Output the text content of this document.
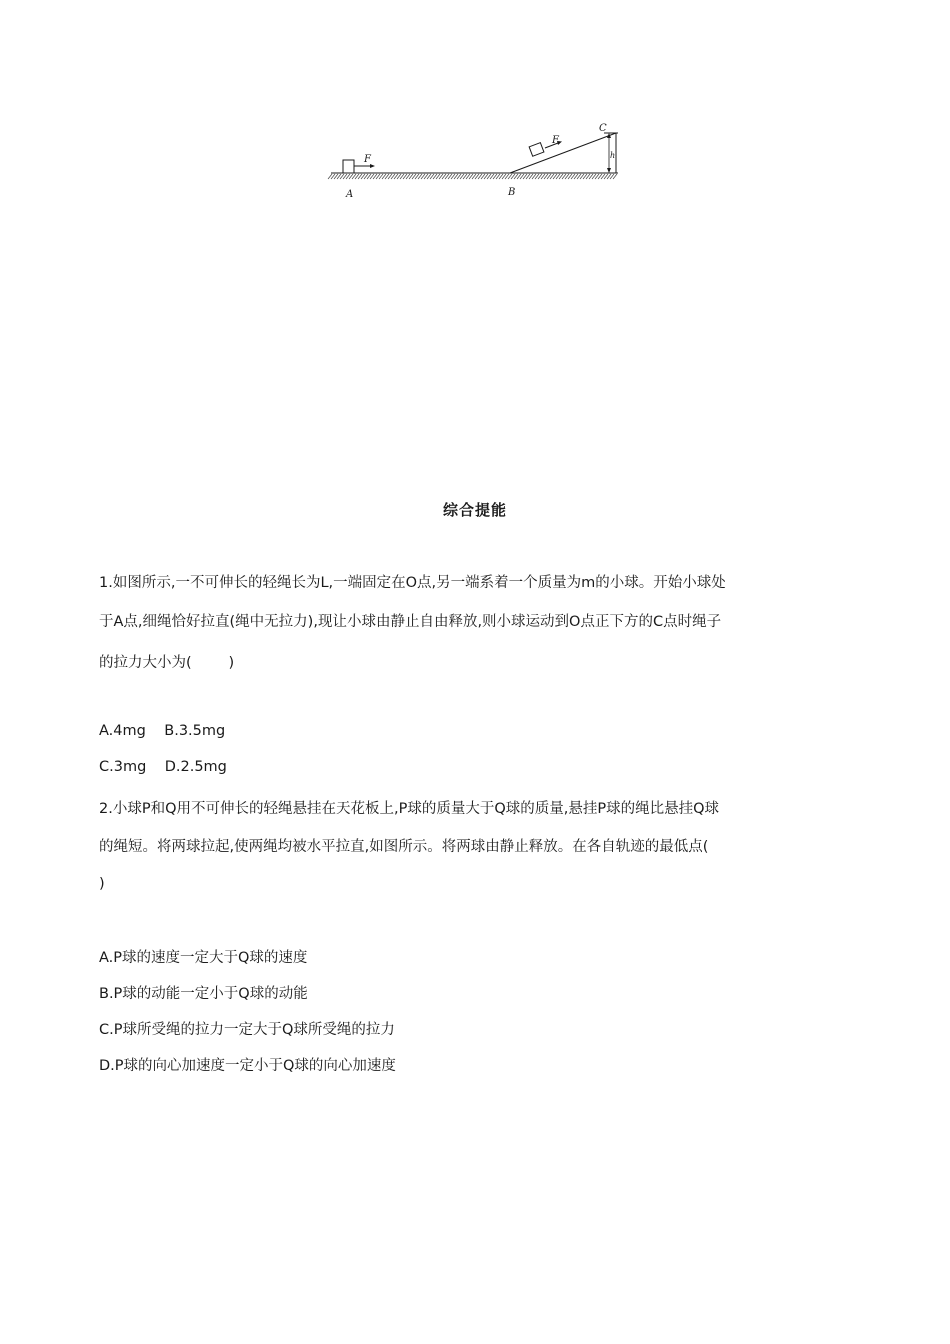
A	B
C
F
F
h
综合提能
1.如图所示,一不可伸长的轻绳长为L,一端固定在O点,另一端系着一个质量为m的小球。开始小球处
于A点,细绳恰好拉直(绳中无拉力),现让小球由静止自由释放,则小球运动到O点正下方的C点时绳子
的拉力大小为(        )
A.4mg    B.3.5mg
C.3mg    D.2.5mg
2.小球P和Q用不可伸长的轻绳悬挂在天花板上,P球的质量大于Q球的质量,悬挂P球的绳比悬挂Q球
的绳短。将两球拉起,使两绳均被水平拉直,如图所示。将两球由静止释放。在各自轨迹的最低点(
)
A.P球的速度一定大于Q球的速度
B.P球的动能一定小于Q球的动能
C.P球所受绳的拉力一定大于Q球所受绳的拉力
D.P球的向心加速度一定小于Q球的向心加速度
